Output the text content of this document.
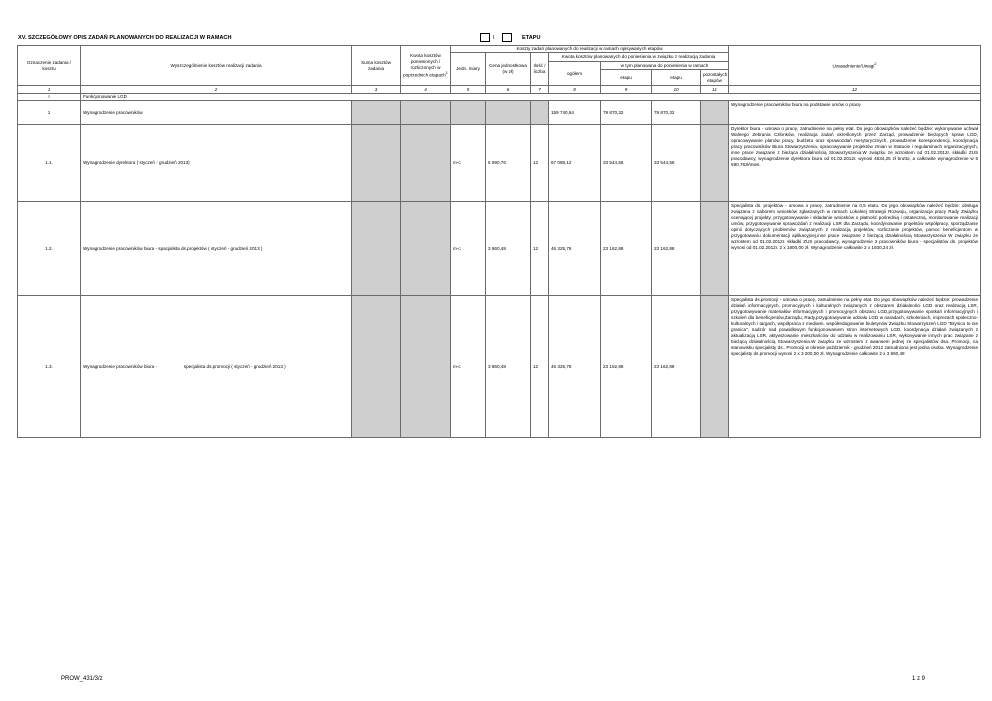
XV. SZCZEGÓŁOWY OPIS ZADAŃ PLANOWANYCH DO REALIZACJI W RAMACH	I	ETAPU
Oznaczenie zadania / kosztu	Wyszczególnienie kosztów realizacji zadania	Suma kosztów zadania	Kwota kosztów poniesionych / rozliczonych w poprzednich etapach$^1$	Koszty zadań planowanych do realizacji w ramach opisywanych etapów							Uzasadnienie/Uwagi$^2$
				Jedn. miary	Cena jednostkowa (w zł)	Ilość / liczba	Kwota kosztów planowanych do poniesienia w związku z realizacją zadania				
							ogółem	w tym planowana do poniesienia w ramach			
								etapu	etapu	pozostałych etapów	
1	2	3	4	5	6	7	8	9	10	11	12
I	Funkcjonowanie LGD										
1	Wynagrodzenie pracowników						159 740,64	79 870,32	79 870,32		Wynagrodzenie pracowników biura na podstawie umów o pracę
1.1.	Wynagrodzenie dyrektora ( styczeń - grudzień 2013)			m-c	5 590,76	12	67 089,12	33 544,56	33 544,56		Dyrektor biura - umowa o pracę, zatrudnienie na pełny etat. Do jego obowiązków należeć będzie: wykonywanie uchwał Walnego Zebrania Członków, realizacja zadań określonych przez Zarząd, prowadzenie bieżących spraw LGD, opracowywanie planów pracy, budżetu oraz sprawozdań merytorycznych, prowadzenie korespondencji, koordynacja pracy pracowników Biura Stowarzyszenia, opracowywanie projektów zmian w Statucie i regulaminach organizacyjnych, inne prace związane z bieżąca działalnością Stowarzyszenia.W związku ze wzrostem od 01.02.2012r. składki ZUS pracodawcy, wynagrodzenie dyrektora biura od 01.02.2012r. wynosi 4634,25 zł brutto, a całkowite wynagrodzenie w 5 590,76zł/mies.
1.2.	Wynagrodzenie pracowników biura - spacjalista ds.projektów ( styczeń - grudzień 2013 )			m-c	3 860,48	12	46 325,76	23 162,88	23 162,88		Specjalista ds. projektów - umowa o pracę, zatrudnienie na 0,5 etatu. Do jego obowiązków należeć będzie: obsługa związana z naborem wniosków zgłaszanych w ramach Lokalnej Strategii Rozwoju, organizacja pracy Rady Związku ocenającej projekty, przygotowywanie i składanie wniosków o płatność pośrednią i ostateczną, monitorowanie realizacji umów, przygotowywanie sprawozdań z realizacji LSR dla Zarządu, koordynowanie projektów współpracy, sporządzanie opinii dotyczących problemów związanych z realizacją projektów, rozliczanie projektów, pomoc beneficjentom w przygotowaniu dokumentacji aplikacyjnej,inne prace związane z bieżącą działalnością Stowarzyszenia W związku ze wzrostem od 01.02.2012r. składki ZUS pracodawcy, wynagrodzenie 2 pracowników biura - specjalistów ds. projektów wynosi od 01.02.2012r. 2 x 1800,00 zł. Wynagrodzenie całkowite 2 x 1930,24 zł.
1.3.	Wynagrodzenie pracowników biura -                     specjalista ds.promocji ( styczeń - grudzień 2013 )			m-c	3 860,48	12	46 325,76	23 162,88	23 162,88		Specjalista ds.promocji - umowa o pracę, zatrudnienie na pełny etat. Do jego obowiązków należeć będzie: prowadzenie działań informacyjnych, promocyjnych i kulturalnych związanych z obszarem działalności LGD oraz realizacją LSR, przygotowywanie materiałów informacyjnych i promocyjnych obszaru LGD,przygotowywanie spotkań informacyjnych i szkoleń dla beneficjentów,Zarządu, Rady,przygotowywanie udziału LGD w naradach, szkoleniach, imprezach społeczno-kulturalnych i targach, współpraca z mediami, współredagowanie biuletynów Związku Stowarzyszeń LGD "Brynica to nie granica", nadzór nad prawidłowym funkcjonowaniem stron internetowych LGD, koordynacja działań związanych z aktualizacją LSR, aktywizowanie mieszkańców do udziału w realizowaniu LSR, wykonywanie innych prac związane z bieżącą działalnością Stowarzyszenia.W związku ze wzrostem z awansem jednej ze specjalistów dsa. Promocji, na stanowisku specjalisty ds.. Promocji w okresie październik - grudzień 2012 zatrudniona jest jedna osoba. Wynagrodzenie specjalisty ds.promocji wynosi 2 x 3 200,00 zł. Wynagrodzenie całkowite 2 x 3 860,48
PROW_431/3/z	1 z 9
